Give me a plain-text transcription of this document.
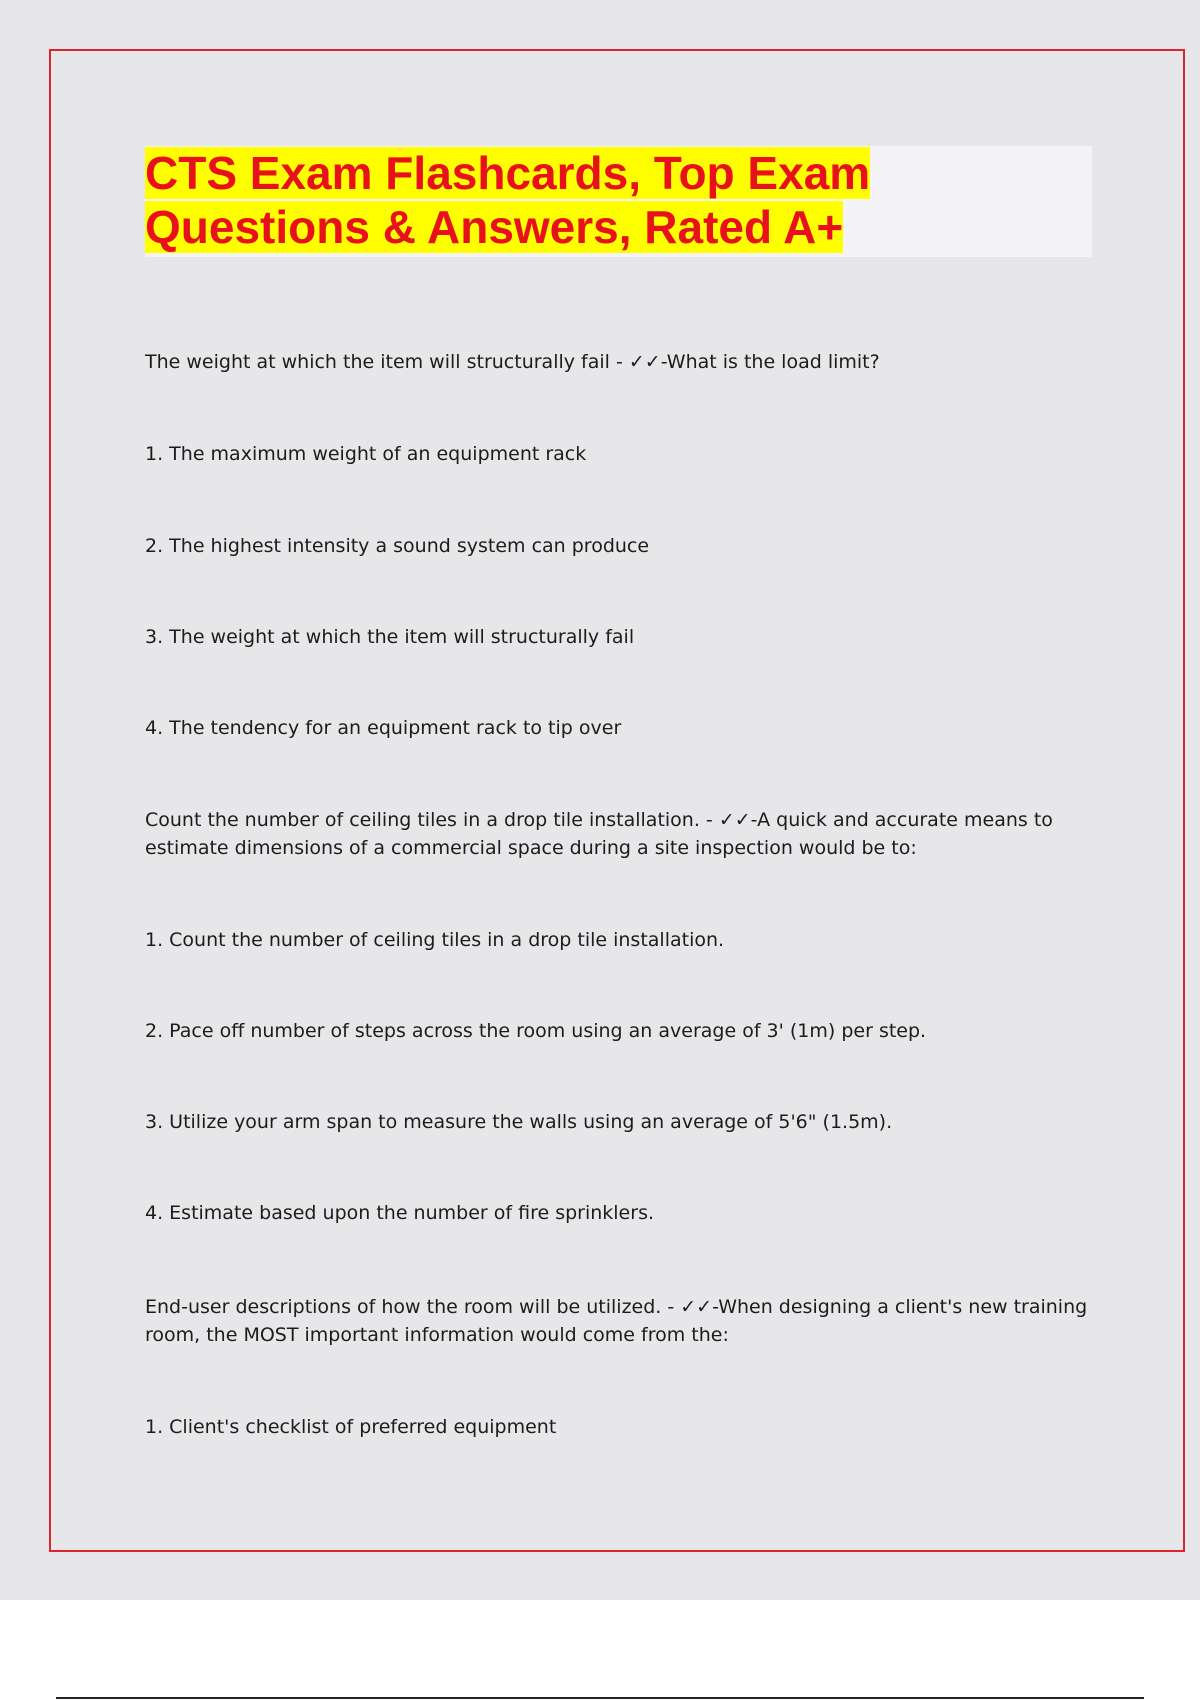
CTS Exam Flashcards, Top Exam
Questions & Answers, Rated A+

The weight at which the item will structurally fail - ✓✓-What is the load limit?

1. The maximum weight of an equipment rack

2. The highest intensity a sound system can produce

3. The weight at which the item will structurally fail

4. The tendency for an equipment rack to tip over

Count the number of ceiling tiles in a drop tile installation. - ✓✓-A quick and accurate means to estimate dimensions of a commercial space during a site inspection would be to:

1. Count the number of ceiling tiles in a drop tile installation.

2. Pace off number of steps across the room using an average of 3' (1m) per step.

3. Utilize your arm span to measure the walls using an average of 5'6" (1.5m).

4. Estimate based upon the number of fire sprinklers.

End-user descriptions of how the room will be utilized. - ✓✓-When designing a client's new training room, the MOST important information would come from the:

1. Client's checklist of preferred equipment
